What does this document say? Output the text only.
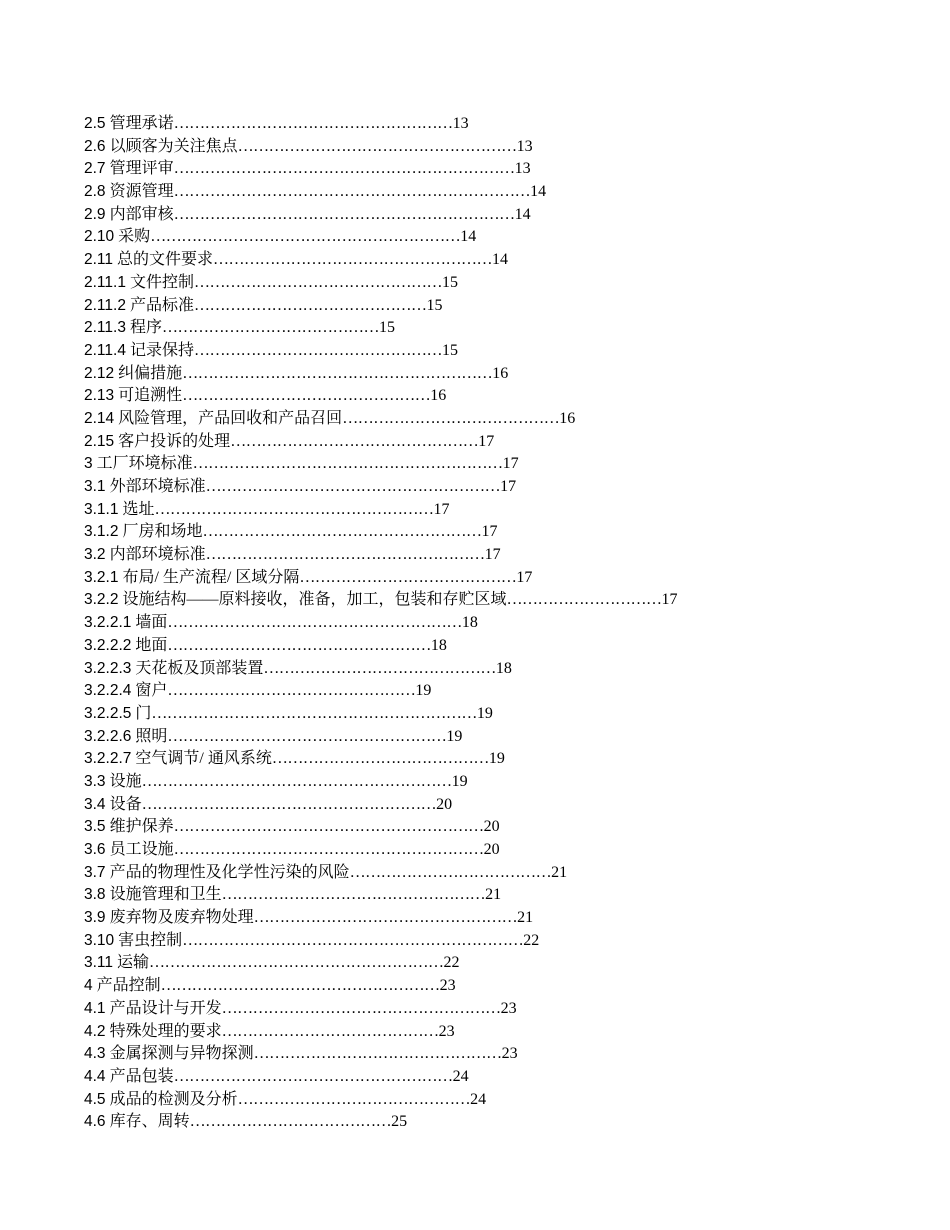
2.5 管理承诺………………………………………………13
2.6 以顾客为关注焦点………………………………………………13
2.7 管理评审…………………………………………………………13
2.8 资源管理……………………………………………………………14
2.9 内部审核…………………………………………………………14
2.10 采购……………………………………………………14
2.11 总的文件要求………………………………………………14
2.11.1 文件控制…………………………………………15
2.11.2 产品标准………………………………………15
2.11.3 程序……………………………………15
2.11.4 记录保持…………………………………………15
2.12 纠偏措施……………………………………………………16
2.13 可追溯性…………………………………………16
2.14 风险管理，产品回收和产品召回……………………………………16
2.15 客户投诉的处理…………………………………………17
3 工厂环境标准……………………………………………………17
3.1 外部环境标准…………………………………………………17
3.1.1 选址………………………………………………17
3.1.2 厂房和场地………………………………………………17
3.2 内部环境标准………………………………………………17
3.2.1 布局/ 生产流程/ 区域分隔……………………………………17
3.2.2 设施结构——原料接收，准备，加工，包装和存贮区域…………………………17
3.2.2.1 墙面…………………………………………………18
3.2.2.2 地面……………………………………………18
3.2.2.3 天花板及顶部装置………………………………………18
3.2.2.4 窗户…………………………………………19
3.2.2.5 门………………………………………………………19
3.2.2.6 照明………………………………………………19
3.2.2.7 空气调节/ 通风系统……………………………………19
3.3 设施……………………………………………………19
3.4 设备…………………………………………………20
3.5 维护保养……………………………………………………20
3.6 员工设施……………………………………………………20
3.7 产品的物理性及化学性污染的风险…………………………………21
3.8 设施管理和卫生……………………………………………21
3.9 废弃物及废弃物处理……………………………………………21
3.10 害虫控制…………………………………………………………22
3.11 运输…………………………………………………22
4 产品控制………………………………………………23
4.1 产品设计与开发………………………………………………23
4.2 特殊处理的要求……………………………………23
4.3 金属探测与异物探测…………………………………………23
4.4 产品包装………………………………………………24
4.5 成品的检测及分析………………………………………24
4.6 库存、周转…………………………………25
